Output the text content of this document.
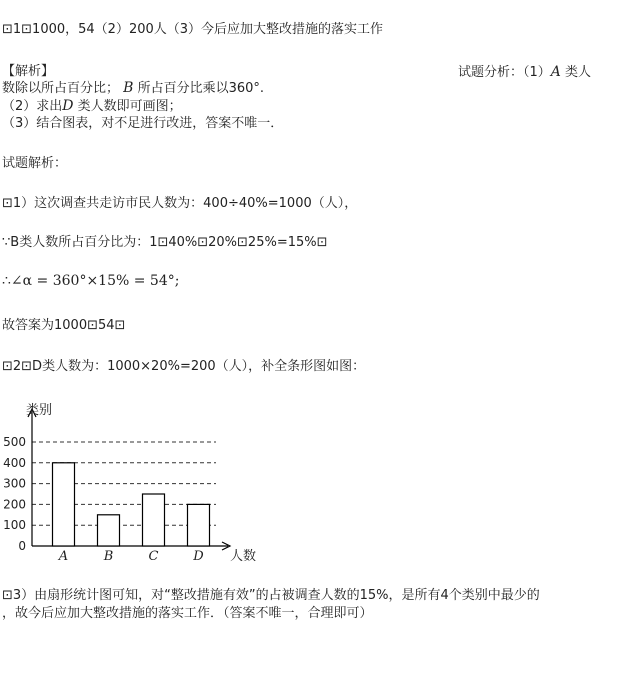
⊡1⊡1000，54（2）200人（3）今后应加大整改措施的落实工作
【解析】	试题分析：（1）A 类人
数除以所占百分比； B 所占百分比乘以360°.
（2）求出D 类人数即可画图；
（3）结合图表，对不足进行改进，答案不唯一．
试题解析：
⊡1）这次调查共走访市民人数为：400÷40%=1000（人），
∵B类人数所占百分比为：1⊡40%⊡20%⊡25%=15%⊡
∴∠α = 360°×15% = 54°;
故答案为1000⊡54⊡
⊡2⊡D类人数为：1000×20%=200（人），补全条形图如图：
0
100
200
300
400
500
类别
人数
A	B	C	D
⊡3）由扇形统计图可知，对“整改措施有效”的占被调查人数的15%，是所有4个类别中最少的
，故今后应加大整改措施的落实工作．（答案不唯一，合理即可）
